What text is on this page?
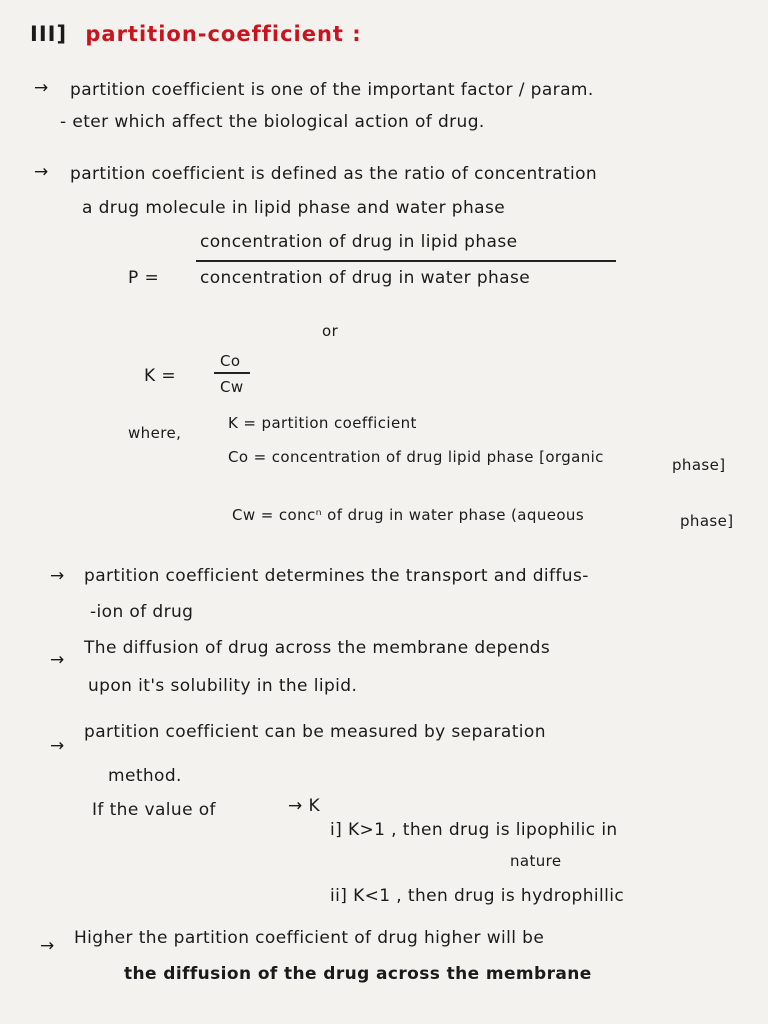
III] partition-coefficient :
→ partition coefficient is one of the important factor / param.
- eter which affect the biological action of drug.
→ partition coefficient is defined as the ratio of concentration
a drug molecule in lipid phase and water phase
P =
concentration of drug in lipid phase
concentration of drug in water phase
or
K =
Co
Cw
where,
K = partition coefficient
Co = concentration of drug lipid phase [organic	phase]
Cw = concⁿ of drug in water phase (aqueous	phase]
→ partition coefficient determines the transport and diffus-
-ion of drug
→
The diffusion of drug across the membrane depends
upon it's solubility in the lipid.
→
partition coefficient can be measured by separation
method.
If the value of	→ K
i] K>1 , then drug is lipophilic in
nature
ii] K<1 , then drug is hydrophillic
→ Higher the partition coefficient of drug higher will be
the diffusion of the drug across the membrane
